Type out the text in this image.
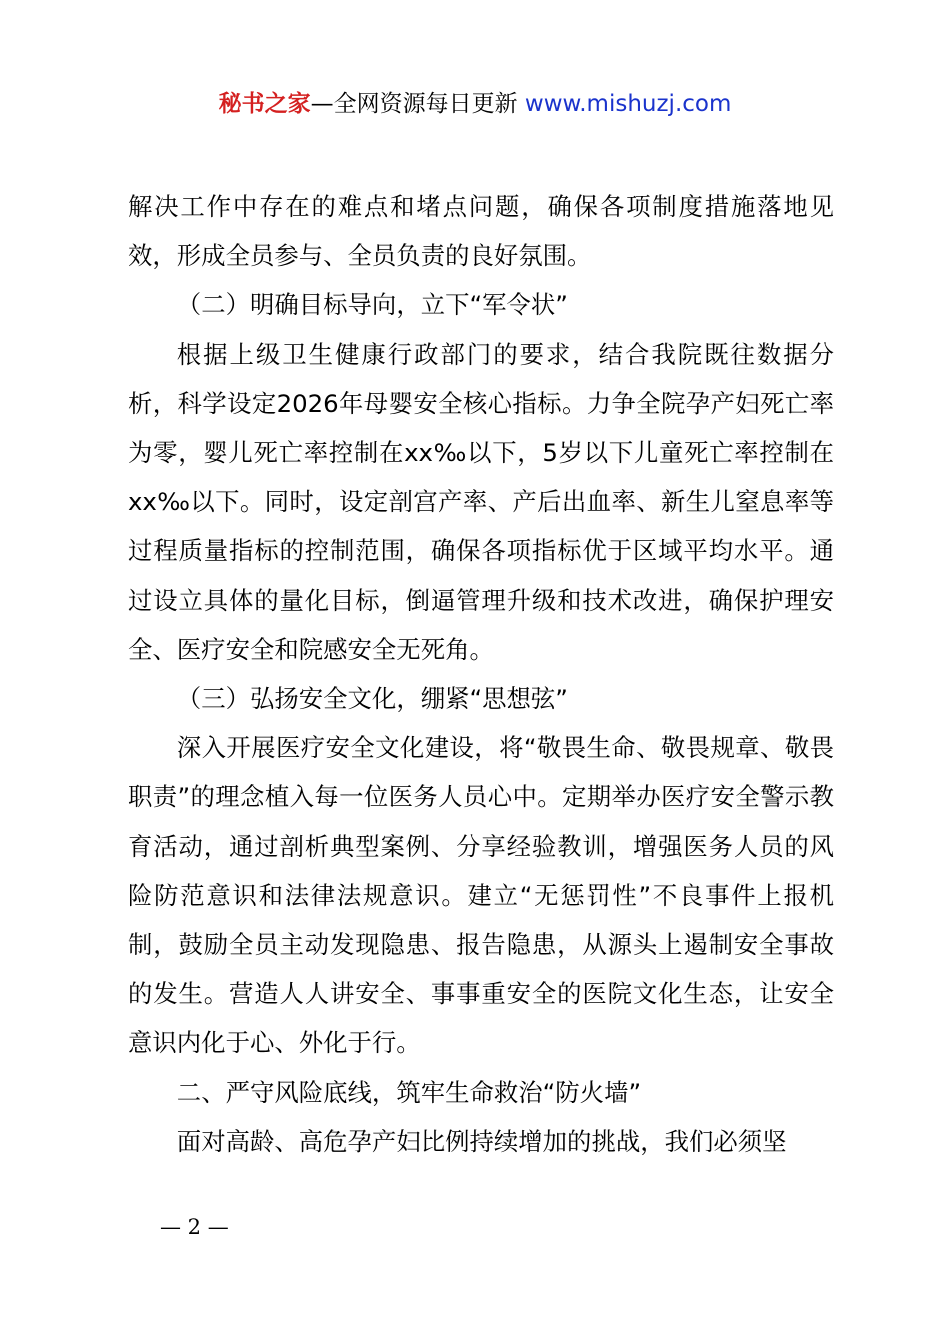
秘书之家—全网资源每日更新 www.mishuzj.com

解决工作中存在的难点和堵点问题，确保各项制度措施落地见效，形成全员参与、全员负责的良好氛围。

（二）明确目标导向，立下“军令状”

根据上级卫生健康行政部门的要求，结合我院既往数据分析，科学设定2026年母婴安全核心指标。力争全院孕产妇死亡率为零，婴儿死亡率控制在xx‰以下，5岁以下儿童死亡率控制在xx‰以下。同时，设定剖宫产率、产后出血率、新生儿窒息率等过程质量指标的控制范围，确保各项指标优于区域平均水平。通过设立具体的量化目标，倒逼管理升级和技术改进，确保护理安全、医疗安全和院感安全无死角。

（三）弘扬安全文化，绷紧“思想弦”

深入开展医疗安全文化建设，将“敬畏生命、敬畏规章、敬畏职责”的理念植入每一位医务人员心中。定期举办医疗安全警示教育活动，通过剖析典型案例、分享经验教训，增强医务人员的风险防范意识和法律法规意识。建立“无惩罚性”不良事件上报机制，鼓励全员主动发现隐患、报告隐患，从源头上遏制安全事故的发生。营造人人讲安全、事事重安全的医院文化生态，让安全意识内化于心、外化于行。

二、严守风险底线，筑牢生命救治“防火墙”

面对高龄、高危孕产妇比例持续增加的挑战，我们必须坚

— 2 —
